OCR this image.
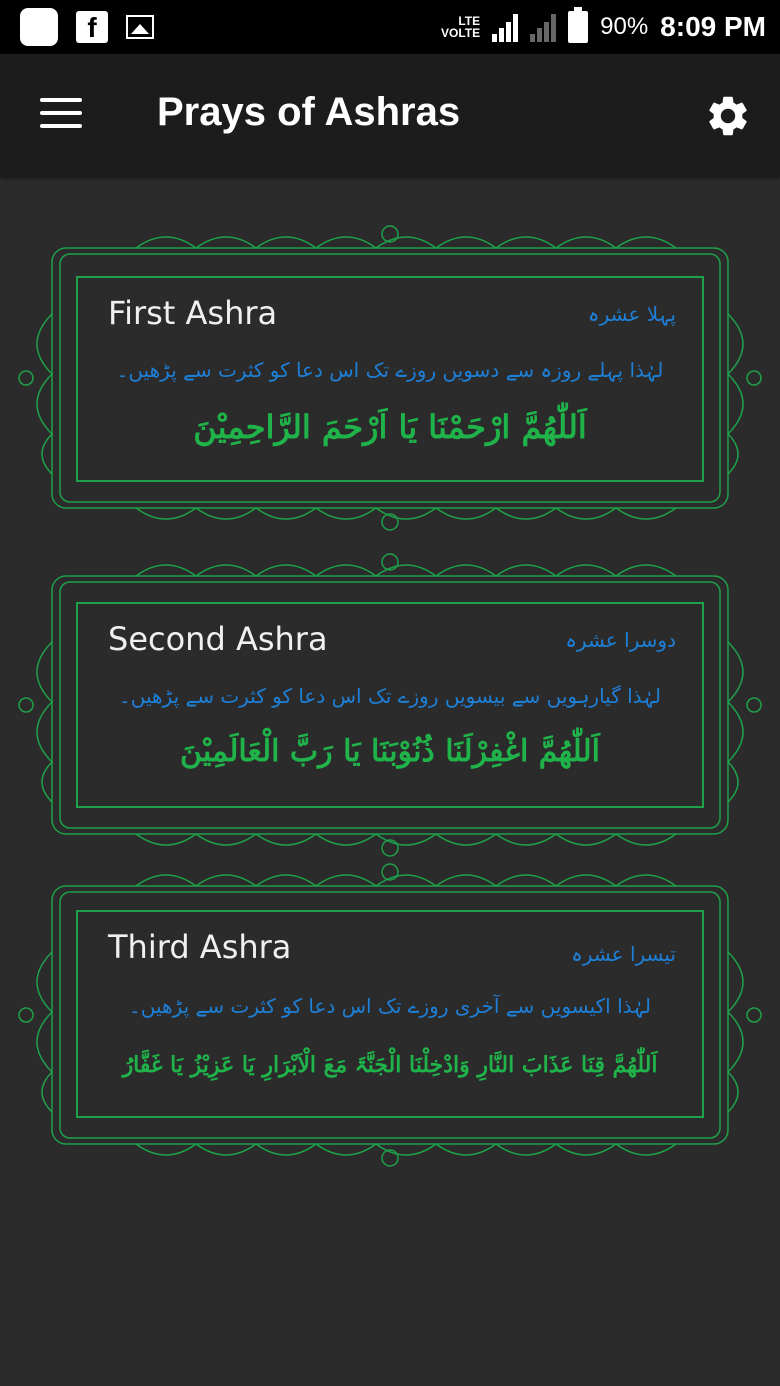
f	LTE
VOLTE	90% 8:09 PM
Prays of Ashras
First Ashra	پہلا عشرہ
لہٰذا پہلے روزہ سے دسویں روزے تک اس دعا کو کثرت سے پڑھیں۔
اَللّٰھُمَّ ارْحَمْنَا یَا اَرْحَمَ الرَّاحِمِیْنَ
Second Ashra	دوسرا عشرہ
لہٰذا گیارہویں سے بیسویں روزے تک اس دعا کو کثرت سے پڑھیں۔
اَللّٰھُمَّ اغْفِرْلَنَا ذُنُوْبَنَا یَا رَبَّ الْعَالَمِیْنَ
Third Ashra	تیسرا عشرہ
لہٰذا اکیسویں سے آخری روزے تک اس دعا کو کثرت سے پڑھیں۔
اَللّٰھُمَّ قِنَا عَذَابَ النَّارِ وَادْخِلْنَا الْجَنَّۃَ مَعَ الْاَبْرَارِ یَا عَزِیْزُ یَا غَفَّارُ
